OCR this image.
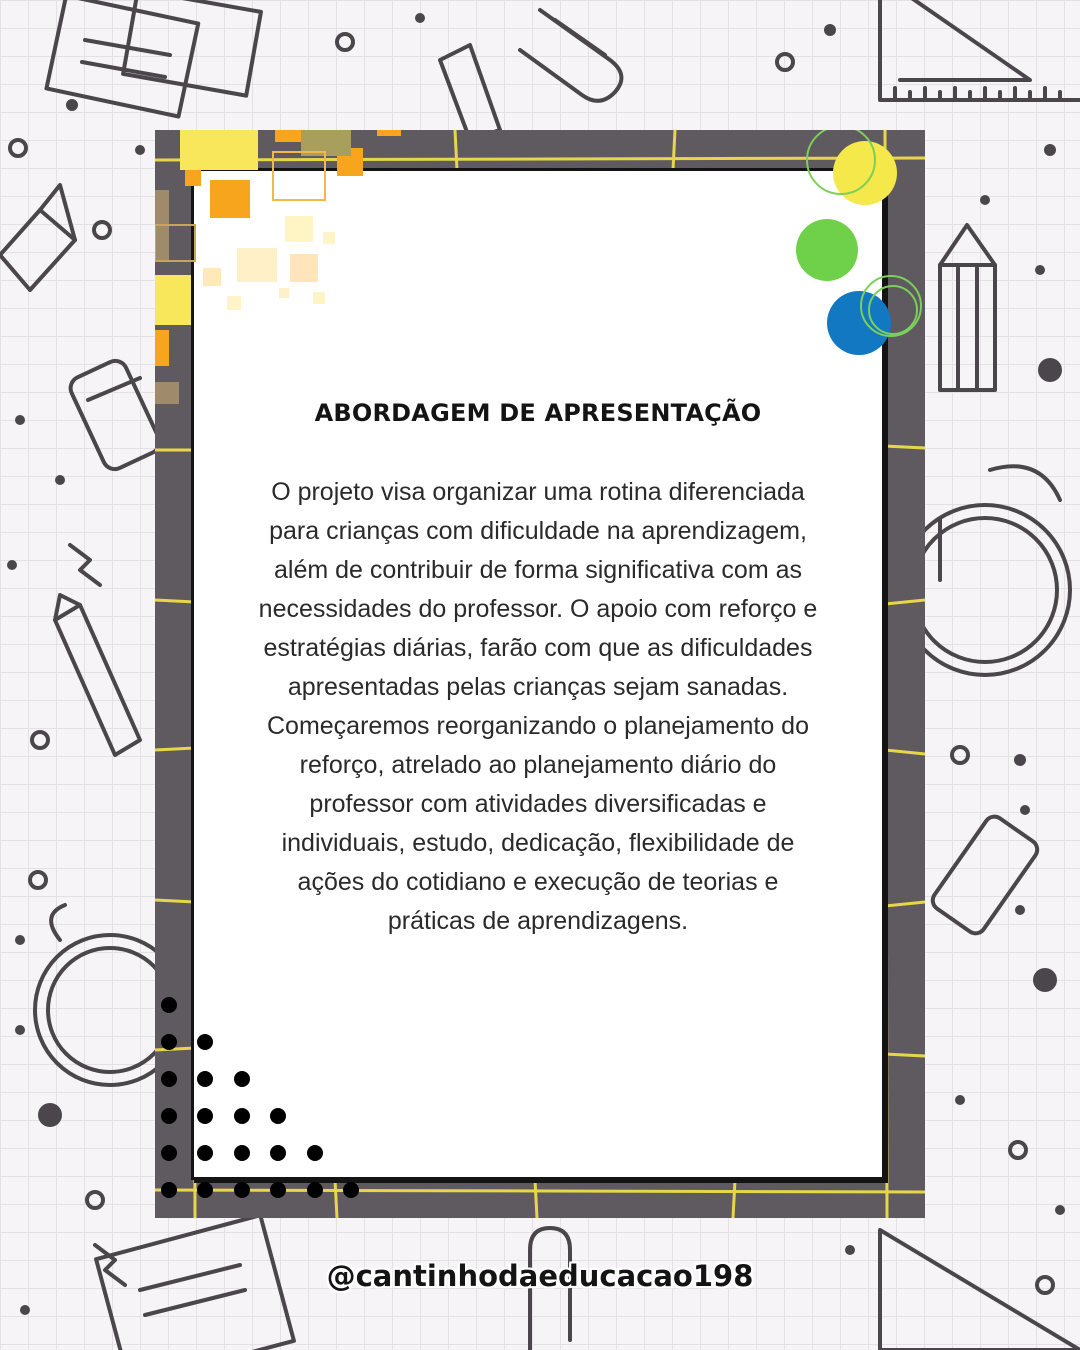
ABORDAGEM DE APRESENTAÇÃO
O projeto visa organizar uma rotina diferenciada
para crianças com dificuldade na aprendizagem,
além de contribuir de forma significativa com as
necessidades do professor. O apoio com reforço e
estratégias diárias, farão com que as dificuldades
apresentadas pelas crianças sejam sanadas.
Começaremos reorganizando o planejamento do
reforço, atrelado ao planejamento diário do
professor com atividades diversificadas e
individuais, estudo, dedicação, flexibilidade de
ações do cotidiano e execução de teorias e
práticas de aprendizagens.
@cantinhodaeducacao198
